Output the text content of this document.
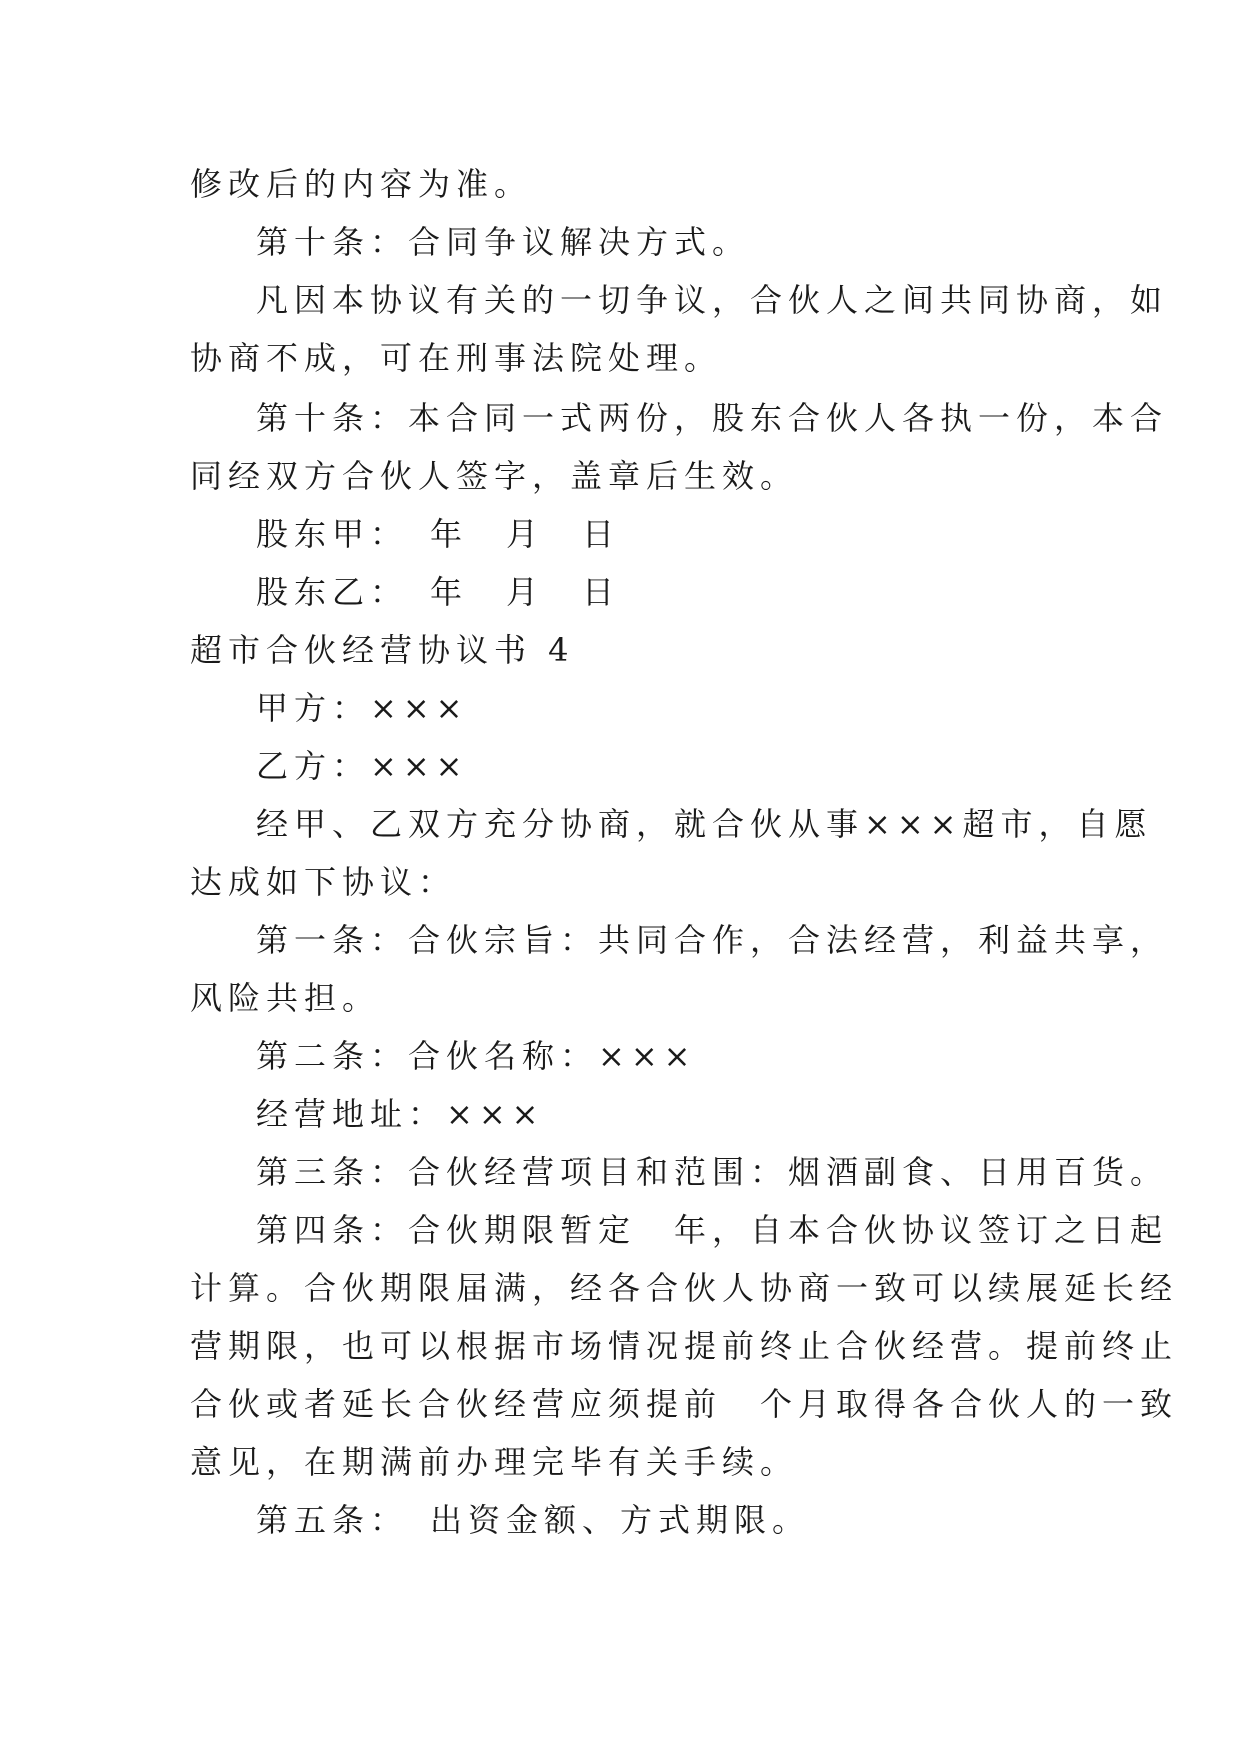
修改后的内容为准。

第十条：合同争议解决方式。

凡因本协议有关的一切争议，合伙人之间共同协商，如

协商不成，可在刑事法院处理。

第十条：本合同一式两份，股东合伙人各执一份，本合

同经双方合伙人签字，盖章后生效。

股东甲：　年　月　日

股东乙：　年　月　日

超市合伙经营协议书 4

甲方：×××

乙方：×××

经甲、乙双方充分协商，就合伙从事×××超市，自愿

达成如下协议：

第一条：合伙宗旨：共同合作，合法经营，利益共享，

风险共担。

第二条：合伙名称：×××

经营地址：×××

第三条：合伙经营项目和范围：烟酒副食、日用百货。

第四条：合伙期限暂定　年，自本合伙协议签订之日起

计算。合伙期限届满，经各合伙人协商一致可以续展延长经

营期限，也可以根据市场情况提前终止合伙经营。提前终止

合伙或者延长合伙经营应须提前　个月取得各合伙人的一致

意见，在期满前办理完毕有关手续。

第五条：　出资金额、方式期限。
